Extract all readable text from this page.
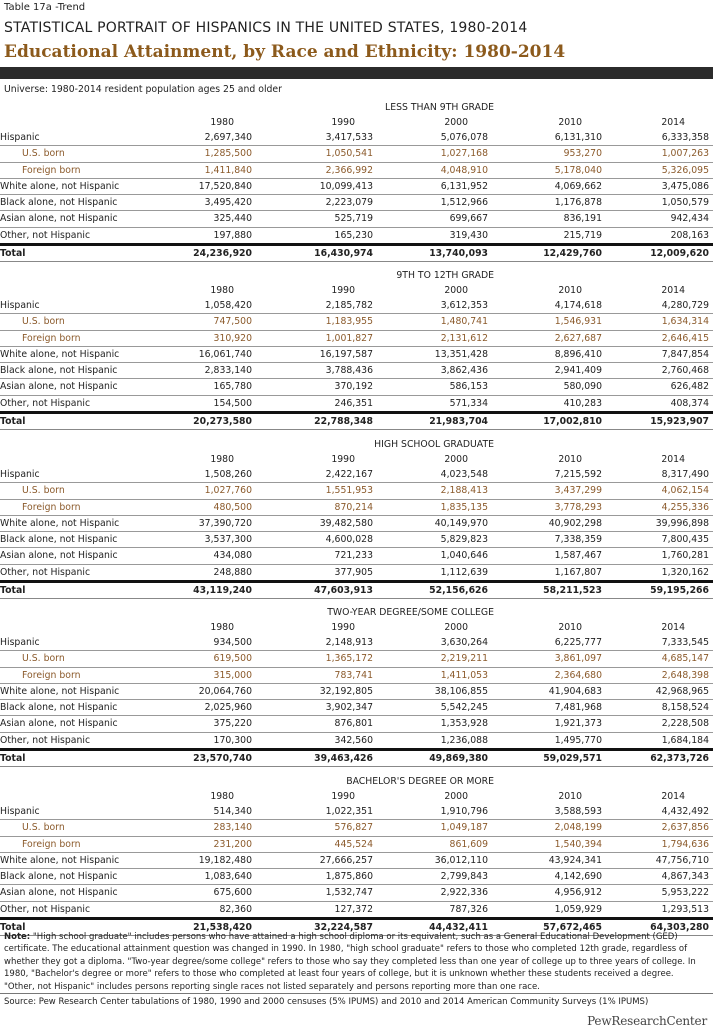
Table 17a -Trend
STATISTICAL PORTRAIT OF HISPANICS IN THE UNITED STATES, 1980-2014
Educational Attainment, by Race and Ethnicity: 1980-2014
Universe: 1980-2014 resident population ages 25 and older
		LESS THAN 9TH GRADE			
	1980	1990	2000	2010	2014
Hispanic	2,697,340	3,417,533	5,076,078	6,131,310	6,333,358
U.S. born	1,285,500	1,050,541	1,027,168	953,270	1,007,263
Foreign born	1,411,840	2,366,992	4,048,910	5,178,040	5,326,095
White alone, not Hispanic	17,520,840	10,099,413	6,131,952	4,069,662	3,475,086
Black alone, not Hispanic	3,495,420	2,223,079	1,512,966	1,176,878	1,050,579
Asian alone, not Hispanic	325,440	525,719	699,667	836,191	942,434
Other, not Hispanic	197,880	165,230	319,430	215,719	208,163
Total	24,236,920	16,430,974	13,740,093	12,429,760	12,009,620
		9TH TO 12TH GRADE			
	1980	1990	2000	2010	2014
Hispanic	1,058,420	2,185,782	3,612,353	4,174,618	4,280,729
U.S. born	747,500	1,183,955	1,480,741	1,546,931	1,634,314
Foreign born	310,920	1,001,827	2,131,612	2,627,687	2,646,415
White alone, not Hispanic	16,061,740	16,197,587	13,351,428	8,896,410	7,847,854
Black alone, not Hispanic	2,833,140	3,788,436	3,862,436	2,941,409	2,760,468
Asian alone, not Hispanic	165,780	370,192	586,153	580,090	626,482
Other, not Hispanic	154,500	246,351	571,334	410,283	408,374
Total	20,273,580	22,788,348	21,983,704	17,002,810	15,923,907
		HIGH SCHOOL GRADUATE			
	1980	1990	2000	2010	2014
Hispanic	1,508,260	2,422,167	4,023,548	7,215,592	8,317,490
U.S. born	1,027,760	1,551,953	2,188,413	3,437,299	4,062,154
Foreign born	480,500	870,214	1,835,135	3,778,293	4,255,336
White alone, not Hispanic	37,390,720	39,482,580	40,149,970	40,902,298	39,996,898
Black alone, not Hispanic	3,537,300	4,600,028	5,829,823	7,338,359	7,800,435
Asian alone, not Hispanic	434,080	721,233	1,040,646	1,587,467	1,760,281
Other, not Hispanic	248,880	377,905	1,112,639	1,167,807	1,320,162
Total	43,119,240	47,603,913	52,156,626	58,211,523	59,195,266
		TWO-YEAR DEGREE/SOME COLLEGE			
	1980	1990	2000	2010	2014
Hispanic	934,500	2,148,913	3,630,264	6,225,777	7,333,545
U.S. born	619,500	1,365,172	2,219,211	3,861,097	4,685,147
Foreign born	315,000	783,741	1,411,053	2,364,680	2,648,398
White alone, not Hispanic	20,064,760	32,192,805	38,106,855	41,904,683	42,968,965
Black alone, not Hispanic	2,025,960	3,902,347	5,542,245	7,481,968	8,158,524
Asian alone, not Hispanic	375,220	876,801	1,353,928	1,921,373	2,228,508
Other, not Hispanic	170,300	342,560	1,236,088	1,495,770	1,684,184
Total	23,570,740	39,463,426	49,869,380	59,029,571	62,373,726
		BACHELOR'S DEGREE OR MORE			
	1980	1990	2000	2010	2014
Hispanic	514,340	1,022,351	1,910,796	3,588,593	4,432,492
U.S. born	283,140	576,827	1,049,187	2,048,199	2,637,856
Foreign born	231,200	445,524	861,609	1,540,394	1,794,636
White alone, not Hispanic	19,182,480	27,666,257	36,012,110	43,924,341	47,756,710
Black alone, not Hispanic	1,083,640	1,875,860	2,799,843	4,142,690	4,867,343
Asian alone, not Hispanic	675,600	1,532,747	2,922,336	4,956,912	5,953,222
Other, not Hispanic	82,360	127,372	787,326	1,059,929	1,293,513
Total	21,538,420	32,224,587	44,432,411	57,672,465	64,303,280
Note: "High school graduate" includes persons who have attained a high school diploma or its equivalent, such as a General Educational Development (GED) certificate. The educational attainment question was changed in 1990. In 1980, "high school graduate" refers to those who completed 12th grade, regardless of whether they got a diploma. "Two-year degree/some college" refers to those who say they completed less than one year of college up to three years of college. In 1980, "Bachelor's degree or more" refers to those who completed at least four years of college, but it is unknown whether these students received a degree. "Other, not Hispanic" includes persons reporting single races not listed separately and persons reporting more than one race.
Source: Pew Research Center tabulations of 1980, 1990 and 2000 censuses (5% IPUMS) and 2010 and 2014 American Community Surveys (1% IPUMS)
PewResearchCenter
